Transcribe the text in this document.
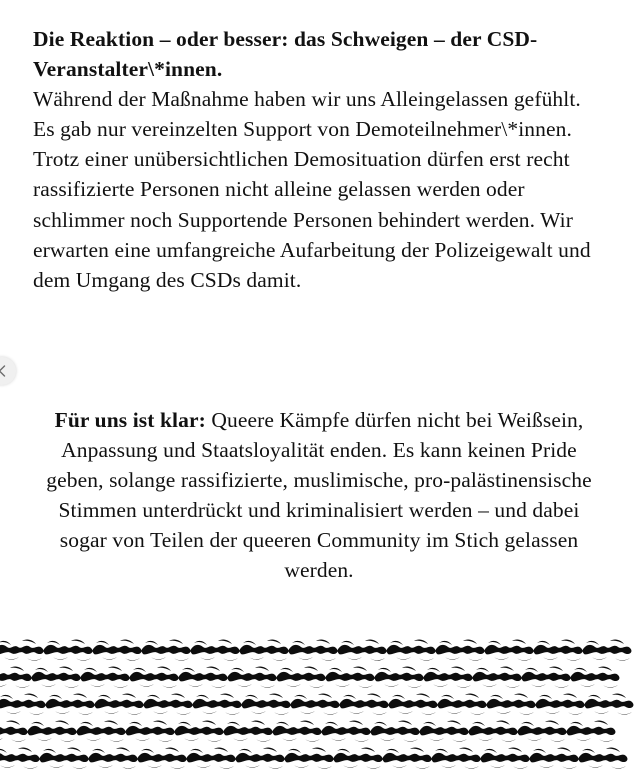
Die Reaktion – oder besser: das Schweigen – der CSD-Veranstalter\*innen.

Während der Maßnahme haben wir uns Alleingelassen gefühlt.

Es gab nur vereinzelten Support von Demoteilnehmer\*innen. Trotz einer unübersichtlichen Demosituation dürfen erst recht rassifizierte Personen nicht alleine gelassen werden oder schlimmer noch Supportende Personen behindert werden. Wir erwarten eine umfangreiche Aufarbeitung der Polizeigewalt und dem Umgang des CSDs damit.

Für uns ist klar: Queere Kämpfe dürfen nicht bei Weißsein, Anpassung und Staatsloyalität enden. Es kann keinen Pride geben, solange rassifizierte, muslimische, pro-palästinensische Stimmen unterdrückt und kriminalisiert werden – und dabei sogar von Teilen der queeren Community im Stich gelassen werden.
